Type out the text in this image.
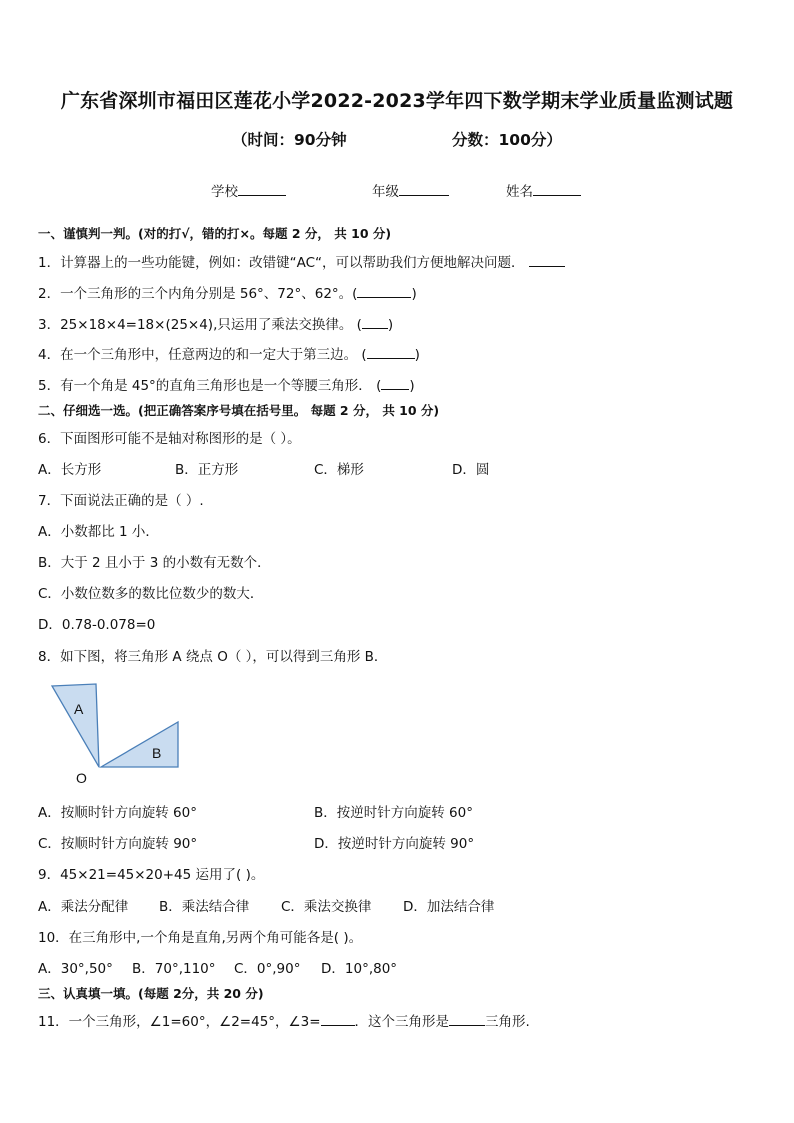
广东省深圳市福田区莲花小学2022-2023学年四下数学期末学业质量监测试题
（时间：90分钟	分数：100分）
学校	年级	姓名
一、谨慎判一判。(对的打√，错的打×。每题 2 分， 共 10 分)
1．计算器上的一些功能键，例如：改错键“AC“，可以帮助我们方便地解决问题．
2．一个三角形的三个内角分别是 56°、72°、62°。(	)
3．25×18×4=18×(25×4),只运用了乘法交换律。 ( )
4．在一个三角形中，任意两边的和一定大于第三边。 (	)
5．有一个角是 45°的直角三角形也是一个等腰三角形． ( )
二、仔细选一选。(把正确答案序号填在括号里。 每题 2 分， 共 10 分)
6．下面图形可能不是轴对称图形的是（ ）。
A．长方形	B．正方形	C．梯形	D．圆
7．下面说法正确的是（ ）.
A．小数都比 1 小．
B．大于 2 且小于 3 的小数有无数个．
C．小数位数多的数比位数少的数大．
D．0.78-0.078=0
8．如下图，将三角形 A 绕点 O（ ），可以得到三角形 B．
A
B
O
A．按顺时针方向旋转 60°	B．按逆时针方向旋转 60°
C．按顺时针方向旋转 90°	D．按逆时针方向旋转 90°
9．45×21=45×20+45 运用了( )。
A．乘法分配律 B．乘法结合律 C．乘法交换律 D．加法结合律
10．在三角形中,一个角是直角,另两个角可能各是( )。
A．30°,50° B．70°,110° C．0°,90° D．10°,80°
三、认真填一填。(每题 2分，共 20 分)
11．一个三角形，∠1=60°，∠2=45°，∠3=	．这个三角形是	三角形.
